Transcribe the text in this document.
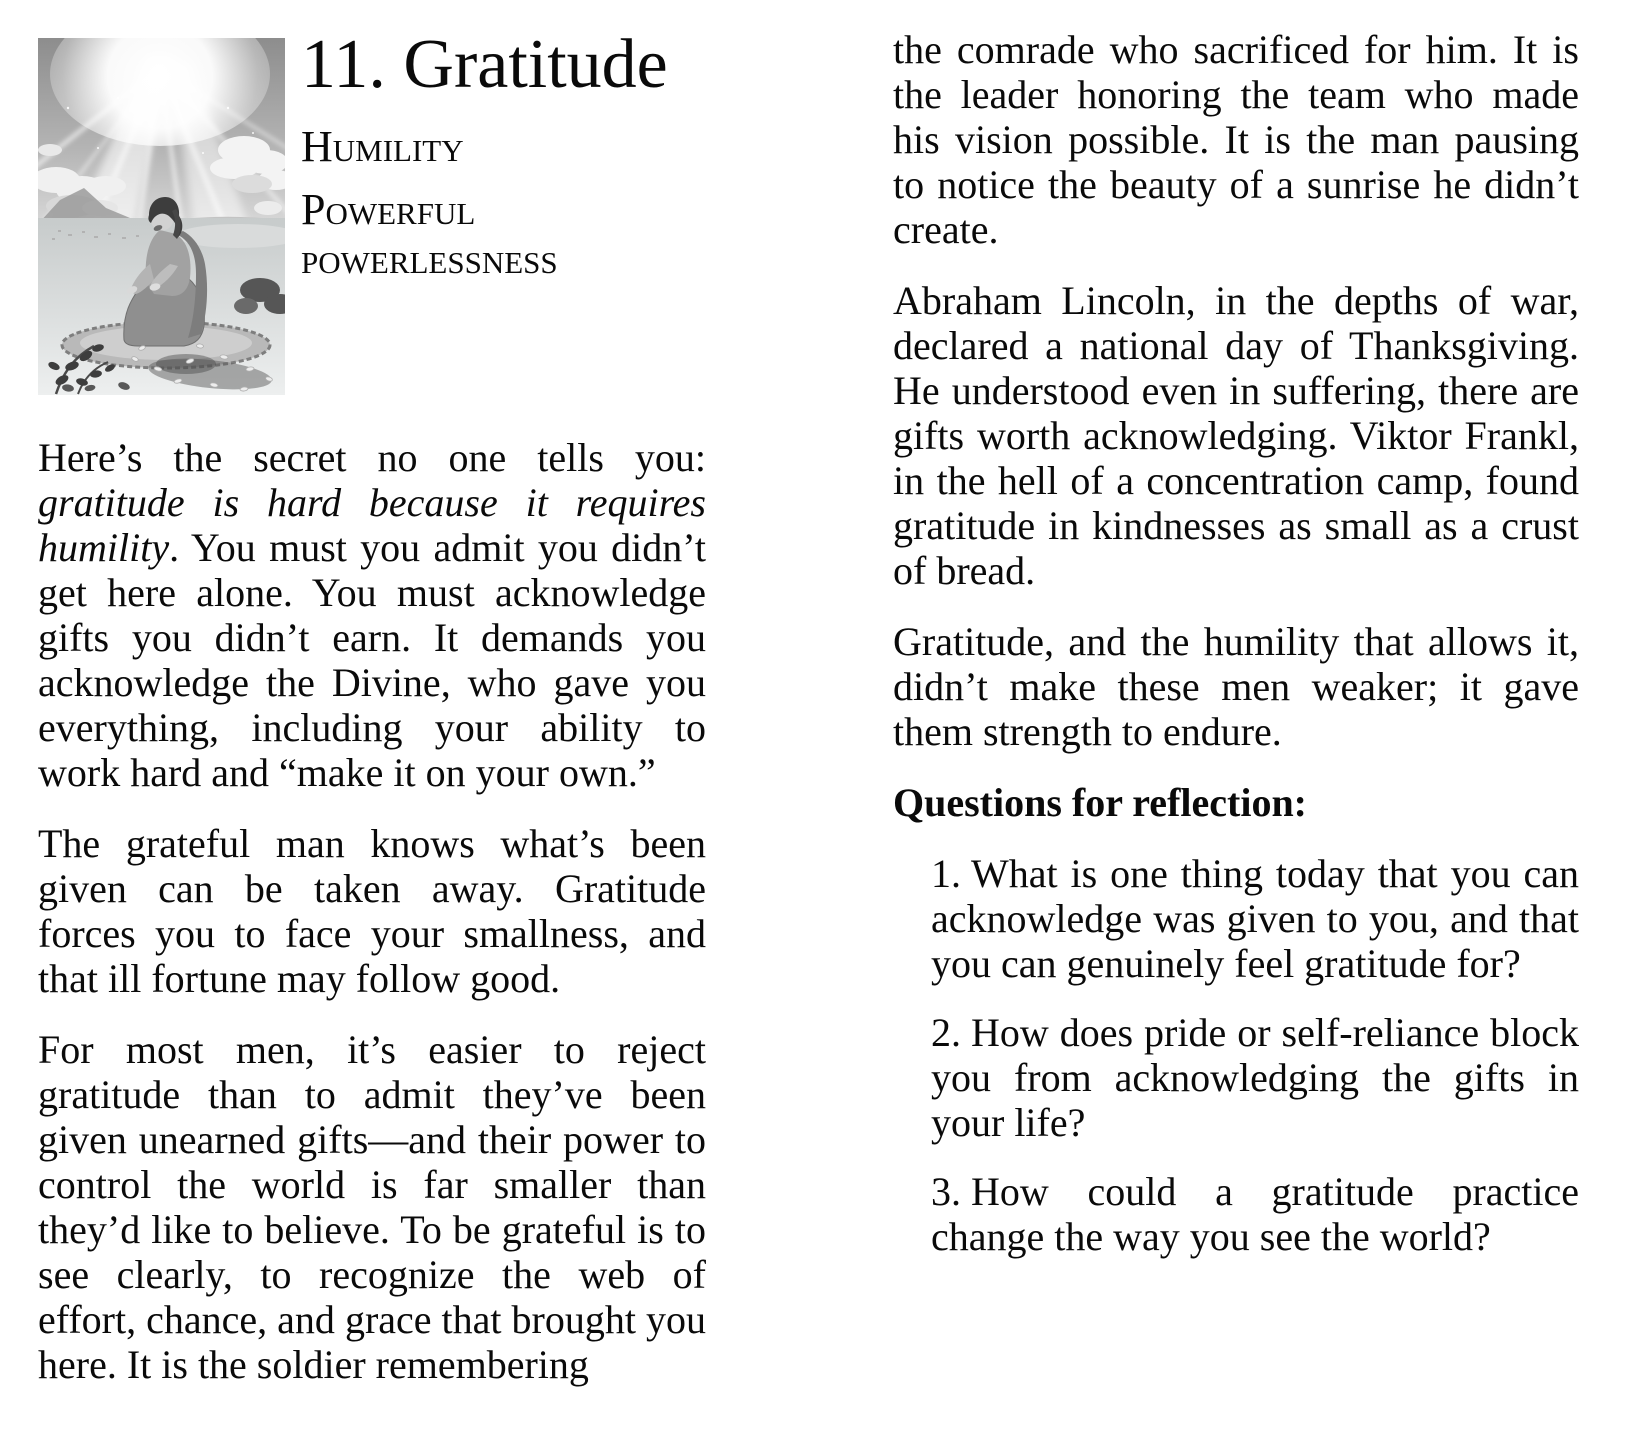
11. Gratitude
Humility
Powerful powerlessness

Here’s the secret no one tells you: gratitude is hard because it requires humility. You must you admit you didn’t get here alone. You must acknowledge gifts you didn’t earn. It demands you acknowledge the Divine, who gave you everything, including your ability to work hard and “make it on your own.”

The grateful man knows what’s been given can be taken away. Gratitude forces you to face your smallness, and that ill fortune may follow good.

For most men, it’s easier to reject gratitude than to admit they’ve been given unearned gifts—and their power to control the world is far smaller than they’d like to believe. To be grateful is to see clearly, to recognize the web of effort, chance, and grace that brought you here. It is the soldier remembering

the comrade who sacrificed for him. It is the leader honoring the team who made his vision possible. It is the man pausing to notice the beauty of a sunrise he didn’t create.

Abraham Lincoln, in the depths of war, declared a national day of Thanksgiving. He understood even in suffering, there are gifts worth acknowledging. Viktor Frankl, in the hell of a concentration camp, found gratitude in kindnesses as small as a crust of bread.

Gratitude, and the humility that allows it, didn’t make these men weaker; it gave them strength to endure.

Questions for reflection:
1. What is one thing today that you can acknowledge was given to you, and that you can genuinely feel gratitude for?
2. How does pride or self-reliance block you from acknowledging the gifts in your life?
3. How could a gratitude practice change the way you see the world?
